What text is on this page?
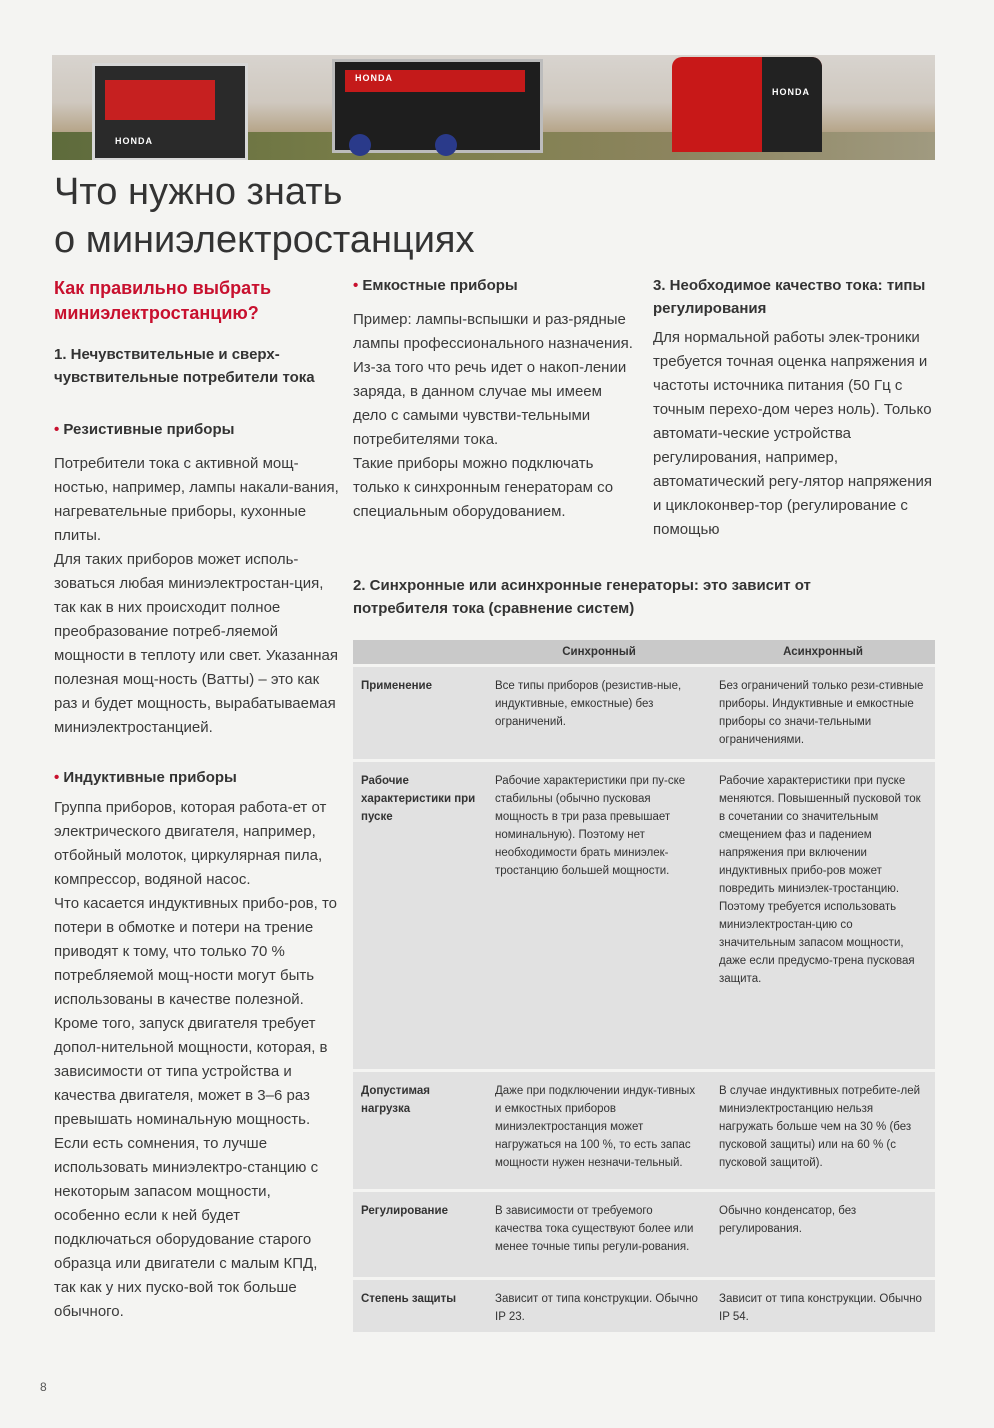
HONDA
HONDA
HONDA
Что нужно знать
о миниэлектростанциях
Как правильно выбрать миниэлектростанцию?
1. Нечувствительные и сверх-чувствительные потребители тока
• Резистивные приборы
Потребители тока с активной мощ-ностью, например, лампы накали-вания, нагревательные приборы, кухонные плиты.
Для таких приборов может исполь-зоваться любая миниэлектростан-ция, так как в них происходит полное преобразование потреб-ляемой мощности в теплоту или свет. Указанная полезная мощ-ность (Ватты) – это как раз и будет мощность, вырабатываемая миниэлектростанцией.
• Индуктивные приборы
Группа приборов, которая работа-ет от электрического двигателя, например, отбойный молоток, циркулярная пила, компрессор, водяной насос.
Что касается индуктивных прибо-ров, то потери в обмотке и потери на трение приводят к тому, что только 70 % потребляемой мощ-ности могут быть использованы в качестве полезной. Кроме того, запуск двигателя требует допол-нительной мощности, которая, в зависимости от типа устройства и качества двигателя, может в 3–6 раз превышать номинальную мощность. Если есть сомнения, то лучше использовать миниэлектро-станцию с некоторым запасом мощности, особенно если к ней будет подключаться оборудование старого образца или двигатели с малым КПД, так как у них пуско-вой ток больше обычного.
• Емкостные приборы
Пример: лампы-вспышки и раз-рядные лампы профессионального назначения.
Из-за того что речь идет о накоп-лении заряда, в данном случае мы имеем дело с самыми чувстви-тельными потребителями тока.
Такие приборы можно подключать только к синхронным генераторам со специальным оборудованием.
3. Необходимое качество тока: типы регулирования
Для нормальной работы элек-троники требуется точная оценка напряжения и частоты источника питания (50 Гц с точным перехо-дом через ноль). Только автомати-ческие устройства регулирования, например, автоматический регу-лятор напряжения и циклоконвер-тор (регулирование с помощью
2. Синхронные или асинхронные генераторы: это зависит от потребителя тока (сравнение систем)
	Синхронный	Асинхронный
Применение	Все типы приборов (резистив-ные, индуктивные, емкостные) без ограничений.	Без ограничений только рези-стивные приборы. Индуктивные и емкостные приборы со значи-тельными ограничениями.
Рабочие характеристики при пуске	Рабочие характеристики при пу-ске стабильны (обычно пусковая мощность в три раза превышает номинальную). Поэтому нет необходимости брать миниэлек-тростанцию большей мощности.	Рабочие характеристики при пуске меняются. Повышенный пусковой ток в сочетании со значительным смещением фаз и падением напряжения при включении индуктивных прибо-ров может повредить миниэлек-тростанцию. Поэтому требуется использовать миниэлектростан-цию со значительным запасом мощности, даже если предусмо-трена пусковая защита.
Допустимая нагрузка	Даже при подключении индук-тивных и емкостных приборов миниэлектростанция может нагружаться на 100 %, то есть запас мощности нужен незначи-тельный.	В случае индуктивных потребите-лей миниэлектростанцию нельзя нагружать больше чем на 30 % (без пусковой защиты) или на 60 % (с пусковой защитой).
Регулирование	В зависимости от требуемого качества тока существуют более или менее точные типы регули-рования.	Обычно конденсатор, без регулирования.
Степень защиты	Зависит от типа конструкции. Обычно IP 23.	Зависит от типа конструкции. Обычно IP 54.
8
